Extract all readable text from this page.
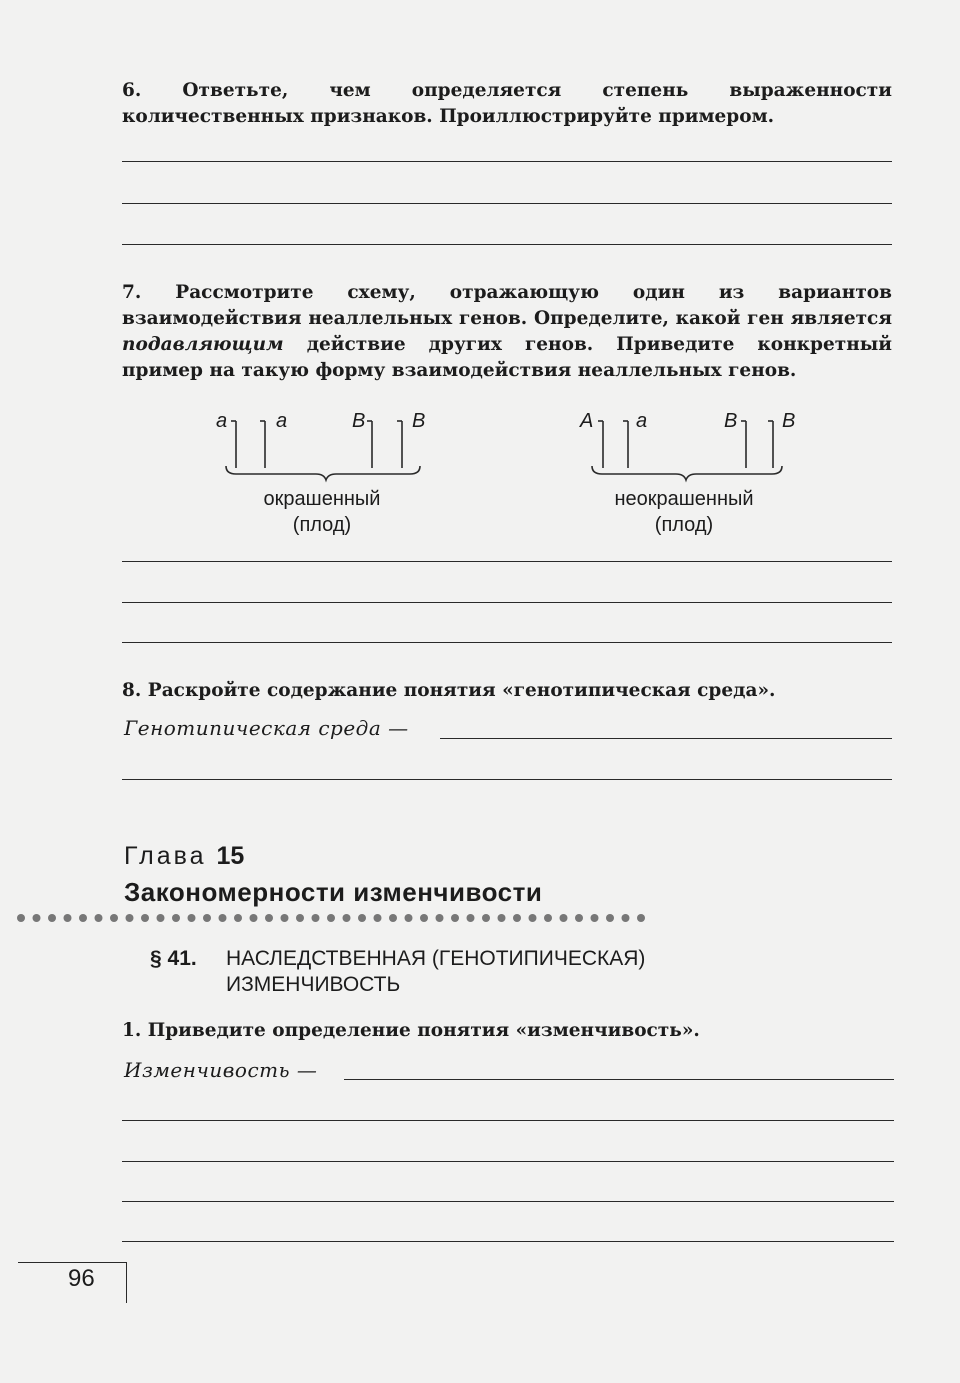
6. Ответьте, чем определяется степень выраженности количественных признаков. Проиллюстрируйте примером.

7. Рассмотрите схему, отражающую один из вариантов взаимодействия неаллельных генов. Определите, какой ген является подавляющим действие других генов. Приведите конкретный пример на такую форму взаимодействия неаллельных генов.

a a	B B	A a	B B
окрашенный
(плод)
неокрашенный
(плод)

8. Раскройте содержание понятия «генотипическая среда».

Генотипическая среда —
Глава 15
Закономерности изменчивости
§ 41. НАСЛЕДСТВЕННАЯ (ГЕНОТИПИЧЕСКАЯ)
ИЗМЕНЧИВОСТЬ

1. Приведите определение понятия «изменчивость».

Изменчивость —
96
